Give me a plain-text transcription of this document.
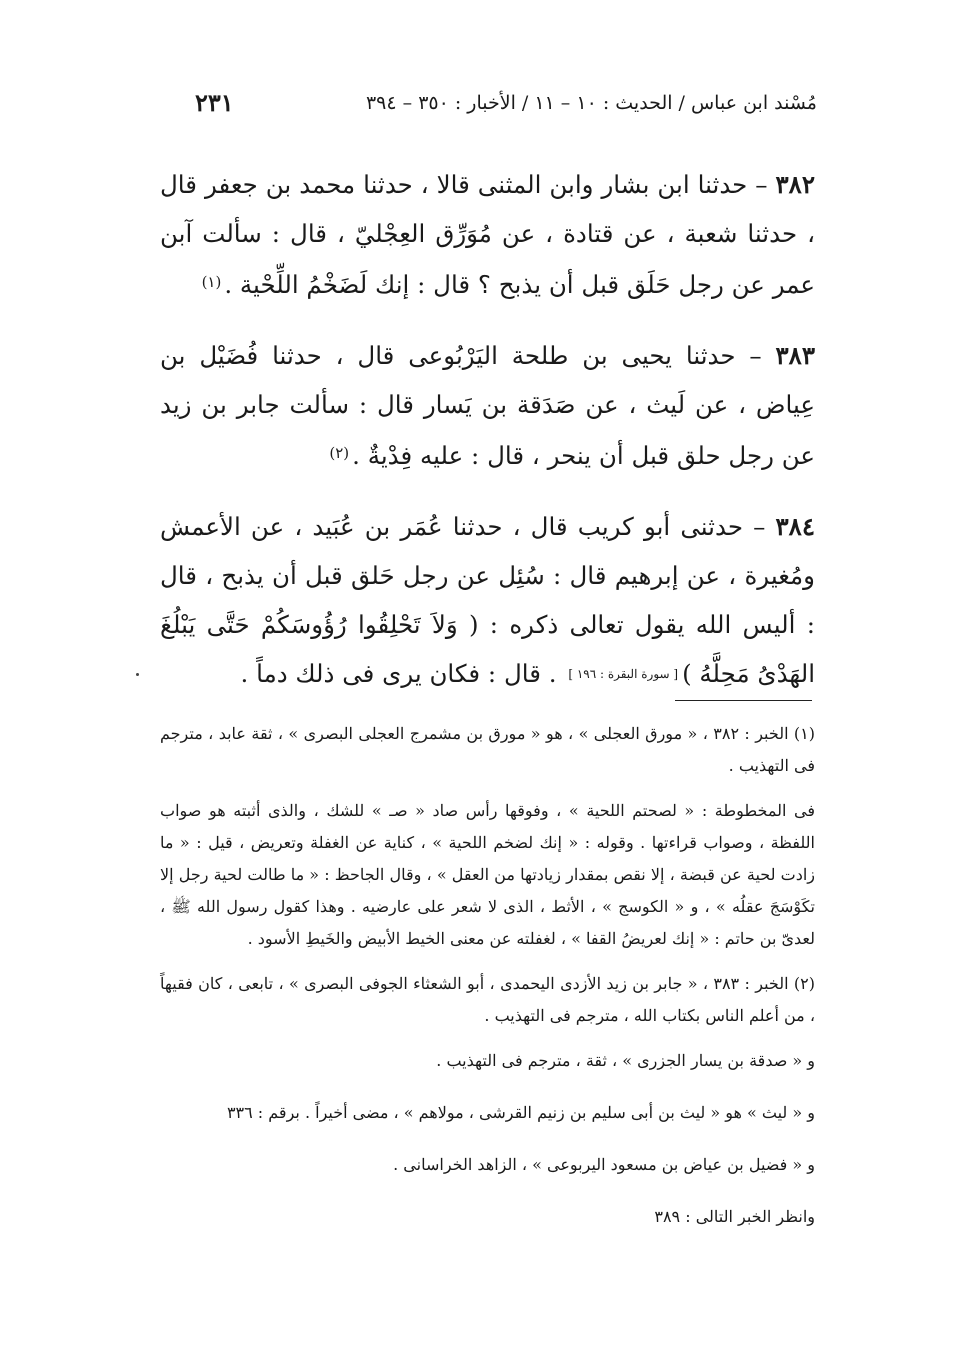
مُسْند ابن عباس / الحديث : ١٠ – ١١ / الأخبار : ٣٥٠ – ٣٩٤
٢٣١

٣٨٢ – حدثنا ابن بشار وابن المثنى قالا ، حدثنا محمد بن جعفر قال ، حدثنا شعبة ، عن قتادة ، عن مُوَرِّق العِجْليّ ، قال : سألت آبن عمر عن رجل حَلَق قبل أن يذبح ؟ قال : إنك لَضَخْمُ اللِّحْية .$^{(١)}$

٣٨٣ – حدثنا يحيى بن طلحة اليَرْبُوعى قال ، حدثنا فُضَيْل بن عِياض ، عن لَيث ، عن صَدَقة بن يَسار قال : سألت جابر بن زيد عن رجل حلق قبل أن ينحر ، قال : عليه فِدْيةٌ .$^{(٢)}$

٣٨٤ – حدثنى أبو كريب قال ، حدثنا عُمَر بن عُبَيد ، عن الأعمش ومُغيرة ، عن إبرهيم قال : سُئِل عن رجل حَلق قبل أن يذبح ، قال : أليس الله يقول تعالى ذكره : ( وَلاَ تَحْلِقُوا رُؤُوسَكُمْ حَتَّى يَبْلُغَ الهَدْىُ مَحِلَّهُ )[ سورة البقرة : ١٩٦ ] . قال : فكان يرى فى ذلك دماً .

(١) الخبر : ٣٨٢ ، « مورق العجلى » ، هو « مورق بن مشمرج العجلى البصرى » ، ثقة عابد ، مترجم فى التهذيب .

فى المخطوطة : « لصحتم اللحية » ، وفوقها رأس صاد « صـ » للشك ، والذى أثبته هو صواب اللفظة ، وصواب قراءتها . وقوله : « إنك لضخم اللحية » ، كناية عن الغفلة وتعريض ، قيل : « ما زادت لحية عن قبضة ، إلا نقص بمقدار زيادتها من العقل » ، وقال الجاحظ : « ما طالت لحية رجل إلا تكَوْسَجَ عقلُه » ، و « الكوسج » ، الأثط ، الذى لا شعر على عارضيه . وهذا كقول رسول الله ﷺ ، لعدىّ بن حاتم : « إنك لعريضُ القفا » ، لغفلته عن معنى الخيط الأبيض والخَيطِ الأسود .

(٢) الخبر : ٣٨٣ ، « جابر بن زيد الأزدى اليحمدى ، أبو الشعثاء الجوفى البصرى » ، تابعى ، كان فقيهاً ، من أعلم الناس بكتاب الله ، مترجم فى التهذيب .

و « صدقة بن يسار الجزرى » ، ثقة ، مترجم فى التهذيب .

و « ليث » هو « ليث بن أبى سليم بن زنيم القرشى ، مولاهم » ، مضى أخيراً . برقم : ٣٣٦

و « فضيل بن عياض بن مسعود اليربوعى » ، الزاهد الخراسانى .

وانظر الخبر التالى : ٣٨٩
